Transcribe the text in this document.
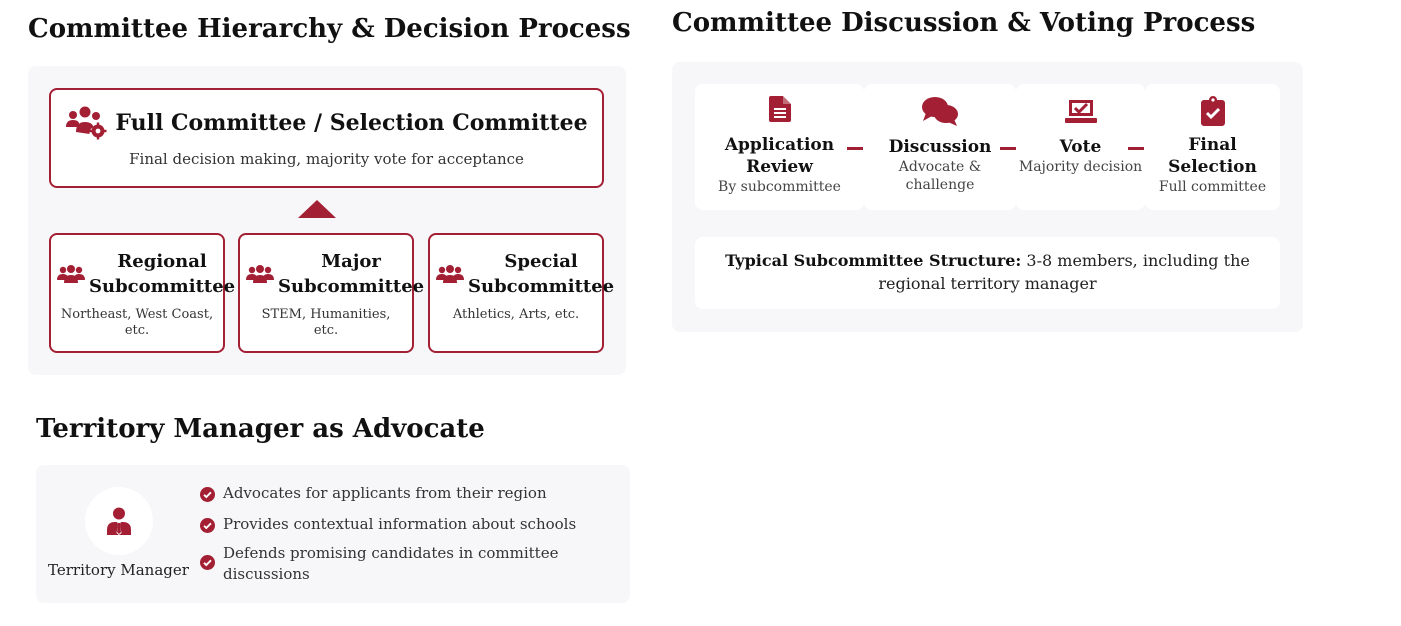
Committee Hierarchy & Decision Process Committee Discussion & Voting Process
Territory Manager as Advocate
Full Committee / Selection Committee
Final decision making, majority vote for acceptance
Regional Subcommittee
Northeast, West Coast, etc.
Major Subcommittee
STEM, Humanities, etc.
Special Subcommittee
Athletics, Arts, etc.
Application Review
By subcommittee
Discussion
Advocate & challenge
Vote
Majority decision
Final Selection
Full committee
Typical Subcommittee Structure: 3-8 members, including the regional territory manager
Territory Manager
Advocates for applicants from their region
Provides contextual information about schools
Defends promising candidates in committee discussions
